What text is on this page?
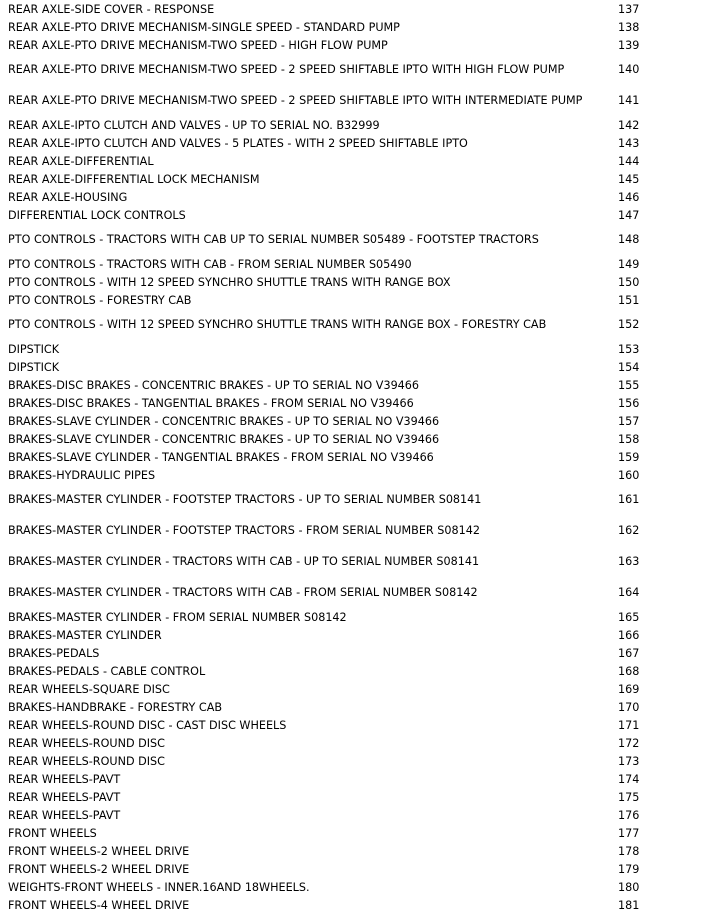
REAR AXLE-SIDE COVER - RESPONSE	137
REAR AXLE-PTO DRIVE MECHANISM-SINGLE SPEED - STANDARD PUMP	138
REAR AXLE-PTO DRIVE MECHANISM-TWO SPEED - HIGH FLOW PUMP	139
REAR AXLE-PTO DRIVE MECHANISM-TWO SPEED - 2 SPEED SHIFTABLE IPTO WITH HIGH FLOW PUMP	140
REAR AXLE-PTO DRIVE MECHANISM-TWO SPEED - 2 SPEED SHIFTABLE IPTO WITH INTERMEDIATE PUMP	141
REAR AXLE-IPTO CLUTCH AND VALVES - UP TO SERIAL NO. B32999	142
REAR AXLE-IPTO CLUTCH AND VALVES - 5 PLATES - WITH 2 SPEED SHIFTABLE IPTO	143
REAR AXLE-DIFFERENTIAL	144
REAR AXLE-DIFFERENTIAL LOCK MECHANISM	145
REAR AXLE-HOUSING	146
DIFFERENTIAL LOCK CONTROLS	147
PTO CONTROLS - TRACTORS WITH CAB UP TO SERIAL NUMBER S05489 - FOOTSTEP TRACTORS	148
PTO CONTROLS - TRACTORS WITH CAB - FROM SERIAL NUMBER S05490	149
PTO CONTROLS - WITH 12 SPEED SYNCHRO SHUTTLE TRANS WITH RANGE BOX	150
PTO CONTROLS - FORESTRY CAB	151
PTO CONTROLS - WITH 12 SPEED SYNCHRO SHUTTLE TRANS WITH RANGE BOX - FORESTRY CAB	152
DIPSTICK	153
DIPSTICK	154
BRAKES-DISC BRAKES - CONCENTRIC BRAKES - UP TO SERIAL NO V39466	155
BRAKES-DISC BRAKES - TANGENTIAL BRAKES - FROM SERIAL NO V39466	156
BRAKES-SLAVE CYLINDER - CONCENTRIC BRAKES - UP TO SERIAL NO V39466	157
BRAKES-SLAVE CYLINDER - CONCENTRIC BRAKES - UP TO SERIAL NO V39466	158
BRAKES-SLAVE CYLINDER - TANGENTIAL BRAKES - FROM SERIAL NO V39466	159
BRAKES-HYDRAULIC PIPES	160
BRAKES-MASTER CYLINDER - FOOTSTEP TRACTORS - UP TO SERIAL NUMBER S08141	161
BRAKES-MASTER CYLINDER - FOOTSTEP TRACTORS - FROM SERIAL NUMBER S08142	162
BRAKES-MASTER CYLINDER - TRACTORS WITH CAB - UP TO SERIAL NUMBER S08141	163
BRAKES-MASTER CYLINDER - TRACTORS WITH CAB - FROM SERIAL NUMBER S08142	164
BRAKES-MASTER CYLINDER - FROM SERIAL NUMBER S08142	165
BRAKES-MASTER CYLINDER	166
BRAKES-PEDALS	167
BRAKES-PEDALS - CABLE CONTROL	168
REAR WHEELS-SQUARE DISC	169
BRAKES-HANDBRAKE - FORESTRY CAB	170
REAR WHEELS-ROUND DISC - CAST DISC WHEELS	171
REAR WHEELS-ROUND DISC	172
REAR WHEELS-ROUND DISC	173
REAR WHEELS-PAVT	174
REAR WHEELS-PAVT	175
REAR WHEELS-PAVT	176
FRONT WHEELS	177
FRONT WHEELS-2 WHEEL DRIVE	178
FRONT WHEELS-2 WHEEL DRIVE	179
WEIGHTS-FRONT WHEELS - INNER.16AND 18WHEELS.	180
FRONT WHEELS-4 WHEEL DRIVE	181
